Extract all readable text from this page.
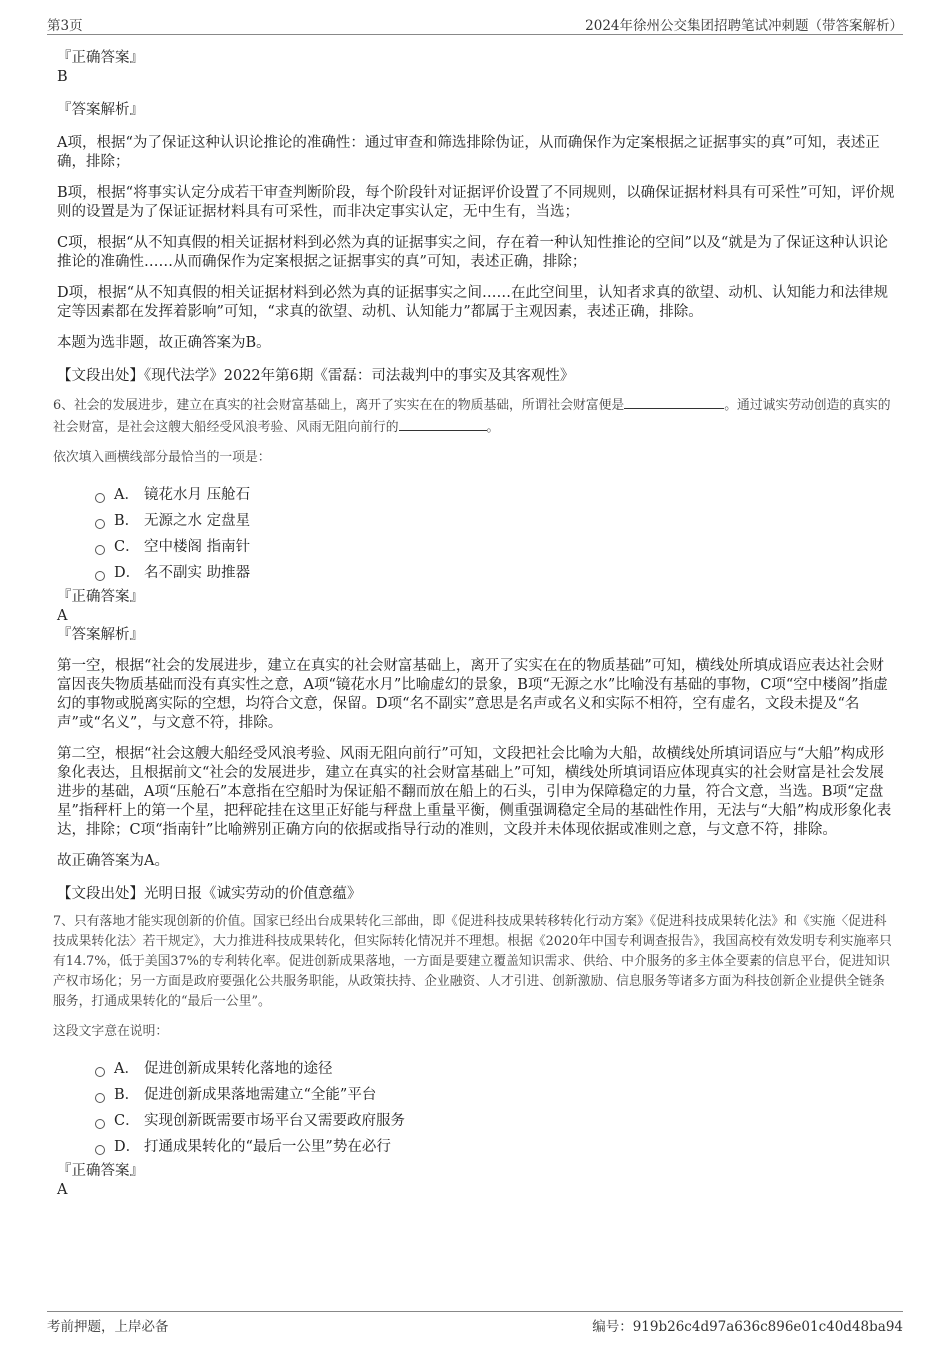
第3页	2024年徐州公交集团招聘笔试冲刺题（带答案解析）

『正确答案』

B

『答案解析』

A项，根据“为了保证这种认识论推论的准确性：通过审查和筛选排除伪证，从而确保作为定案根据之证据事实的真”可知，表述正确，排除；

B项，根据“将事实认定分成若干审查判断阶段，每个阶段针对证据评价设置了不同规则，以确保证据材料具有可采性”可知，评价规则的设置是为了保证证据材料具有可采性，而非决定事实认定，无中生有，当选；

C项，根据“从不知真假的相关证据材料到必然为真的证据事实之间，存在着一种认知性推论的空间”以及“就是为了保证这种认识论推论的准确性……从而确保作为定案根据之证据事实的真”可知，表述正确，排除；

D项，根据“从不知真假的相关证据材料到必然为真的证据事实之间……在此空间里，认知者求真的欲望、动机、认知能力和法律规定等因素都在发挥着影响”可知，“求真的欲望、动机、认知能力”都属于主观因素，表述正确，排除。

本题为选非题，故正确答案为B。

【文段出处】《现代法学》2022年第6期《雷磊：司法裁判中的事实及其客观性》

6、社会的发展进步，建立在真实的社会财富基础上，离开了实实在在的物质基础，所谓社会财富便是	。通过诚实劳动创造的真实的社会财富，是社会这艘大船经受风浪考验、风雨无阻向前行的	。

依次填入画横线部分最恰当的一项是：

A． 镜花水月 压舱石
B． 无源之水 定盘星
C． 空中楼阁 指南针
D． 名不副实 助推器

『正确答案』

A

『答案解析』

第一空，根据“社会的发展进步，建立在真实的社会财富基础上，离开了实实在在的物质基础”可知，横线处所填成语应表达社会财富因丧失物质基础而没有真实性之意，A项“镜花水月”比喻虚幻的景象，B项“无源之水”比喻没有基础的事物，C项“空中楼阁”指虚幻的事物或脱离实际的空想，均符合文意，保留。D项“名不副实”意思是名声或名义和实际不相符，空有虚名，文段未提及“名声”或“名义”，与文意不符，排除。

第二空，根据“社会这艘大船经受风浪考验、风雨无阻向前行”可知，文段把社会比喻为大船，故横线处所填词语应与“大船”构成形象化表达，且根据前文“社会的发展进步，建立在真实的社会财富基础上”可知，横线处所填词语应体现真实的社会财富是社会发展进步的基础，A项“压舱石”本意指在空船时为保证船不翻而放在船上的石头，引申为保障稳定的力量，符合文意，当选。B项“定盘星”指秤杆上的第一个星，把秤砣挂在这里正好能与秤盘上重量平衡，侧重强调稳定全局的基础性作用，无法与“大船”构成形象化表达，排除；C项“指南针”比喻辨别正确方向的依据或指导行动的准则，文段并未体现依据或准则之意，与文意不符，排除。

故正确答案为A。

【文段出处】光明日报《诚实劳动的价值意蕴》

7、只有落地才能实现创新的价值。国家已经出台成果转化三部曲，即《促进科技成果转移转化行动方案》《促进科技成果转化法》和《实施〈促进科技成果转化法〉若干规定》，大力推进科技成果转化，但实际转化情况并不理想。根据《2020年中国专利调查报告》，我国高校有效发明专利实施率只有14.7%，低于美国37%的专利转化率。促进创新成果落地，一方面是要建立覆盖知识需求、供给、中介服务的多主体全要素的信息平台，促进知识产权市场化；另一方面是政府要强化公共服务职能，从政策扶持、企业融资、人才引进、创新激励、信息服务等诸多方面为科技创新企业提供全链条服务，打通成果转化的“最后一公里”。

这段文字意在说明：

A． 促进创新成果转化落地的途径
B． 促进创新成果落地需建立“全能”平台
C． 实现创新既需要市场平台又需要政府服务
D． 打通成果转化的“最后一公里”势在必行

『正确答案』

A

考前押题，上岸必备	编号：919b26c4d97a636c896e01c40d48ba94
